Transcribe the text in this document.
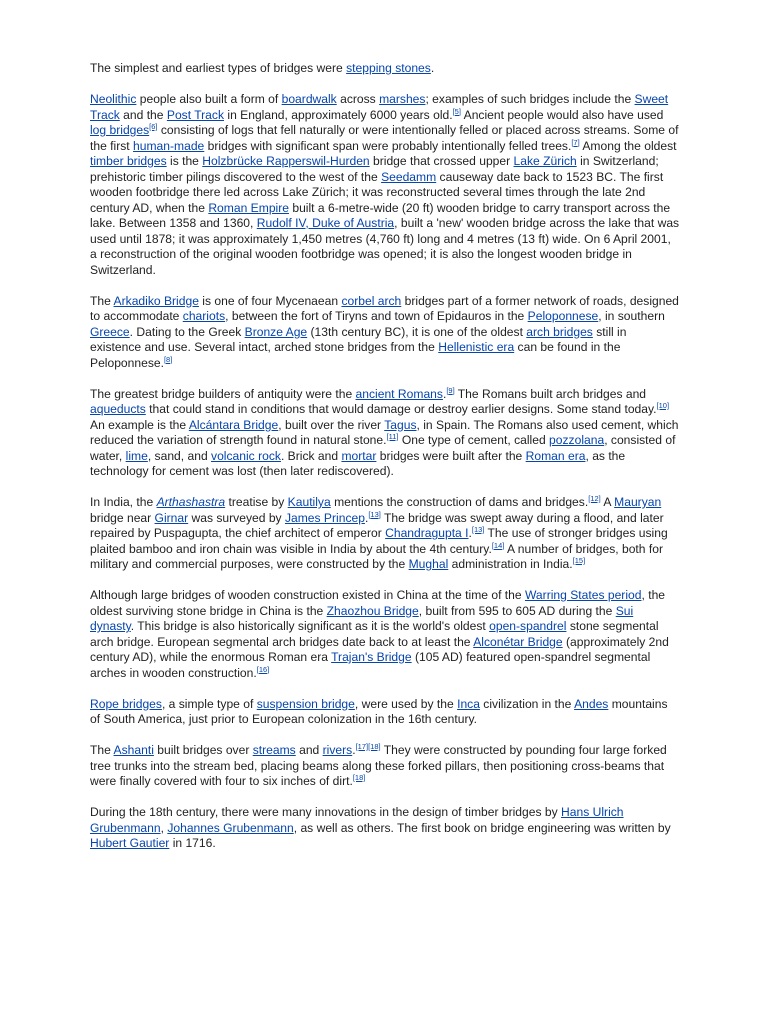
The simplest and earliest types of bridges were stepping stones.

Neolithic people also built a form of boardwalk across marshes; examples of such bridges include the Sweet Track and the Post Track in England, approximately 6000 years old.[5] Ancient people would also have used log bridges[6] consisting of logs that fell naturally or were intentionally felled or placed across streams. Some of the first human-made bridges with significant span were probably intentionally felled trees.[7] Among the oldest timber bridges is the Holzbrücke Rapperswil-Hurden bridge that crossed upper Lake Zürich in Switzerland; prehistoric timber pilings discovered to the west of the Seedamm causeway date back to 1523 BC. The first wooden footbridge there led across Lake Zürich; it was reconstructed several times through the late 2nd century AD, when the Roman Empire built a 6-metre-wide (20 ft) wooden bridge to carry transport across the lake. Between 1358 and 1360, Rudolf IV, Duke of Austria, built a 'new' wooden bridge across the lake that was used until 1878; it was approximately 1,450 metres (4,760 ft) long and 4 metres (13 ft) wide. On 6 April 2001, a reconstruction of the original wooden footbridge was opened; it is also the longest wooden bridge in Switzerland.

The Arkadiko Bridge is one of four Mycenaean corbel arch bridges part of a former network of roads, designed to accommodate chariots, between the fort of Tiryns and town of Epidauros in the Peloponnese, in southern Greece. Dating to the Greek Bronze Age (13th century BC), it is one of the oldest arch bridges still in existence and use. Several intact, arched stone bridges from the Hellenistic era can be found in the Peloponnese.[8]

The greatest bridge builders of antiquity were the ancient Romans.[9] The Romans built arch bridges and aqueducts that could stand in conditions that would damage or destroy earlier designs. Some stand today.[10] An example is the Alcántara Bridge, built over the river Tagus, in Spain. The Romans also used cement, which reduced the variation of strength found in natural stone.[11] One type of cement, called pozzolana, consisted of water, lime, sand, and volcanic rock. Brick and mortar bridges were built after the Roman era, as the technology for cement was lost (then later rediscovered).

In India, the Arthashastra treatise by Kautilya mentions the construction of dams and bridges.[12] A Mauryan bridge near Girnar was surveyed by James Princep.[13] The bridge was swept away during a flood, and later repaired by Puspagupta, the chief architect of emperor Chandragupta I.[13] The use of stronger bridges using plaited bamboo and iron chain was visible in India by about the 4th century.[14] A number of bridges, both for military and commercial purposes, were constructed by the Mughal administration in India.[15]

Although large bridges of wooden construction existed in China at the time of the Warring States period, the oldest surviving stone bridge in China is the Zhaozhou Bridge, built from 595 to 605 AD during the Sui dynasty. This bridge is also historically significant as it is the world's oldest open-spandrel stone segmental arch bridge. European segmental arch bridges date back to at least the Alconétar Bridge (approximately 2nd century AD), while the enormous Roman era Trajan's Bridge (105 AD) featured open-spandrel segmental arches in wooden construction.[16]

Rope bridges, a simple type of suspension bridge, were used by the Inca civilization in the Andes mountains of South America, just prior to European colonization in the 16th century.

The Ashanti built bridges over streams and rivers.[17][18] They were constructed by pounding four large forked tree trunks into the stream bed, placing beams along these forked pillars, then positioning cross-beams that were finally covered with four to six inches of dirt.[18]

During the 18th century, there were many innovations in the design of timber bridges by Hans Ulrich Grubenmann, Johannes Grubenmann, as well as others. The first book on bridge engineering was written by Hubert Gautier in 1716.
